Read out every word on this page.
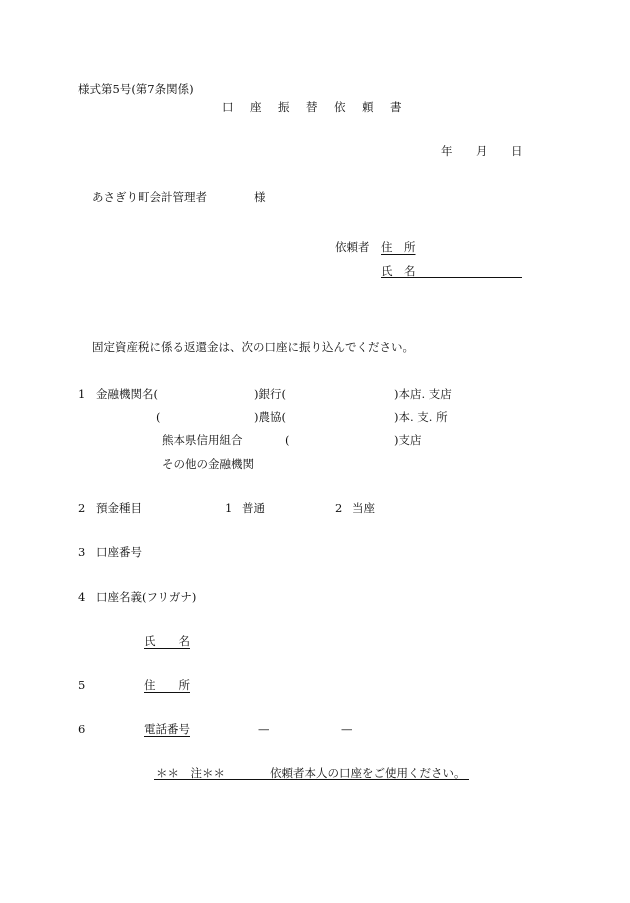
様式第5号(第7条関係)
口 座 振 替 依 頼 書
年 月 日
あさぎり町会計管理者	様
依頼者 住　所
氏　名
固定資産税に係る返還金は、次の口座に振り込んでください。
1 金融機関名(	)銀行(	)本店. 支店
(	)農協(	)本. 支. 所
熊本県信用組合	(	)支店
その他の金融機関
2 預金種目	1 普通	2 当座
3 口座番号
4 口座名義(フリガナ)
氏　　名
5	住　　所
6	電話番号	—	—
＊＊　注＊＊	依頼者本人の口座をご使用ください。
